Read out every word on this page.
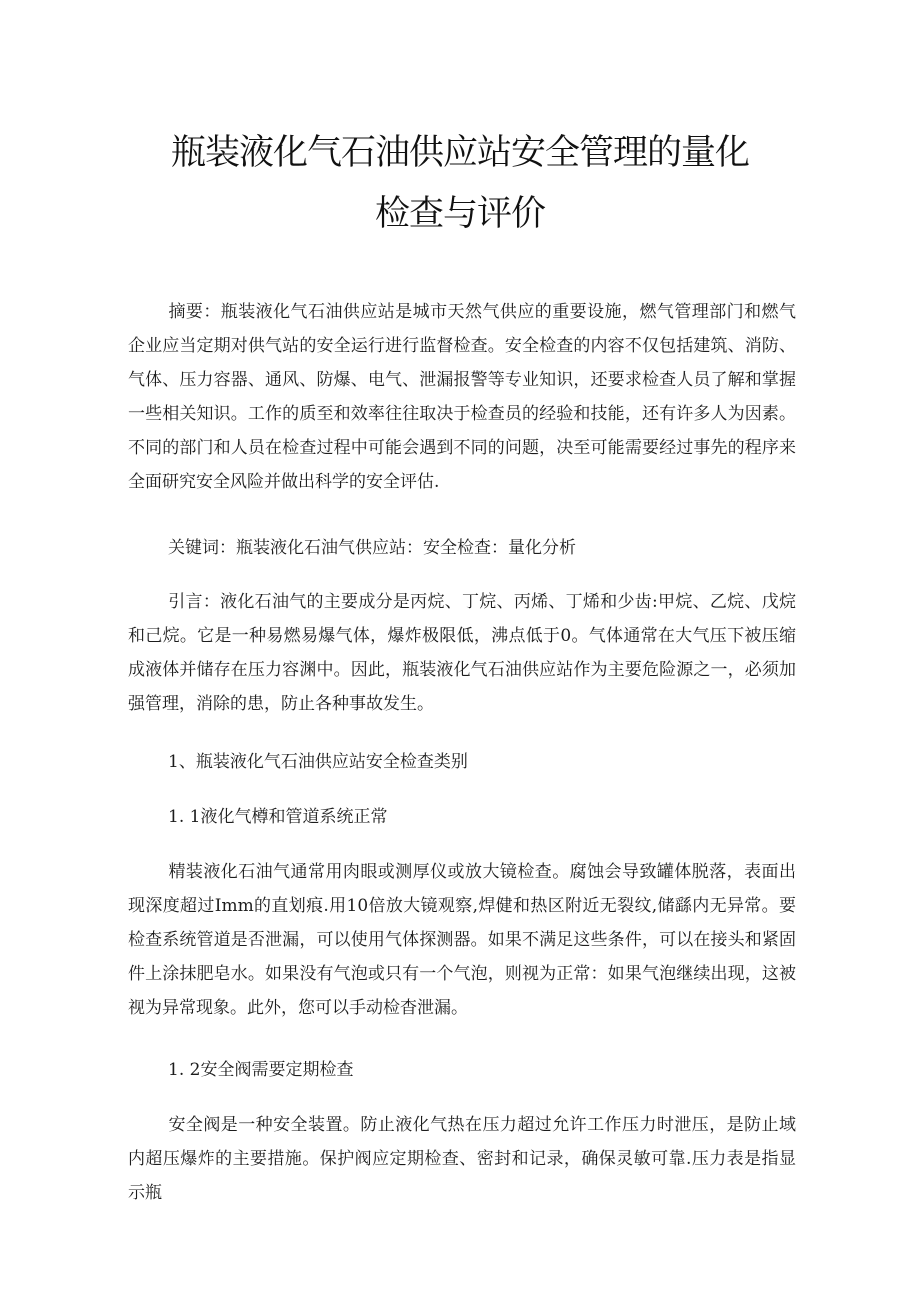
瓶装液化气石油供应站安全管理的量化
检查与评价

摘要：瓶装液化气石油供应站是城市天然气供应的重要设施，燃气管理部门和燃气企业应当定期对供气站的安全运行进行监督检查。安全检查的内容不仅包括建筑、消防、气体、压力容器、通风、防爆、电气、泄漏报警等专业知识，还要求检查人员了解和掌握一些相关知识。工作的质至和效率往往取决于检查员的经验和技能，还有许多人为因素。不同的部门和人员在检查过程中可能会遇到不同的问题，决至可能需要经过事先的程序来全面研究安全风险并做出科学的安全评估.

关键词：瓶装液化石油气供应站：安全检查：量化分析

引言：液化石油气的主要成分是丙烷、丁烷、丙烯、丁烯和少齿:甲烷、乙烷、戊烷和己烷。它是一种易燃易爆气体，爆炸极限低，沸点低于0。气体通常在大气压下被压缩成液体并储存在压力容渊中。因此，瓶装液化气石油供应站作为主要危险源之一，必须加强管理，消除的患，防止各种事故发生。

1、瓶装液化气石油供应站安全检查类别

1. 1液化气樽和管道系统正常

精装液化石油气通常用肉眼或测厚仪或放大镜检查。腐蚀会导致罐体脱落，表面出现深度超过Imm的直划痕.用10倍放大镜观察,焊健和热区附近无裂纹,储繇内无异常。要检查系统管道是否泄漏，可以使用气体探测器。如果不满足这些条件，可以在接头和紧固件上涂抹肥皂水。如果没有气泡或只有一个气泡，则视为正常：如果气泡继续出现，这被视为异常现象。此外，您可以手动检杳泄漏。

1. 2安全阀需要定期检查

安全阀是一种安全装置。防止液化气热在压力超过允许工作压力时泄压，是防止域内超压爆炸的主要措施。保护阀应定期检查、密封和记录，确保灵敏可靠.压力表是指显示瓶
